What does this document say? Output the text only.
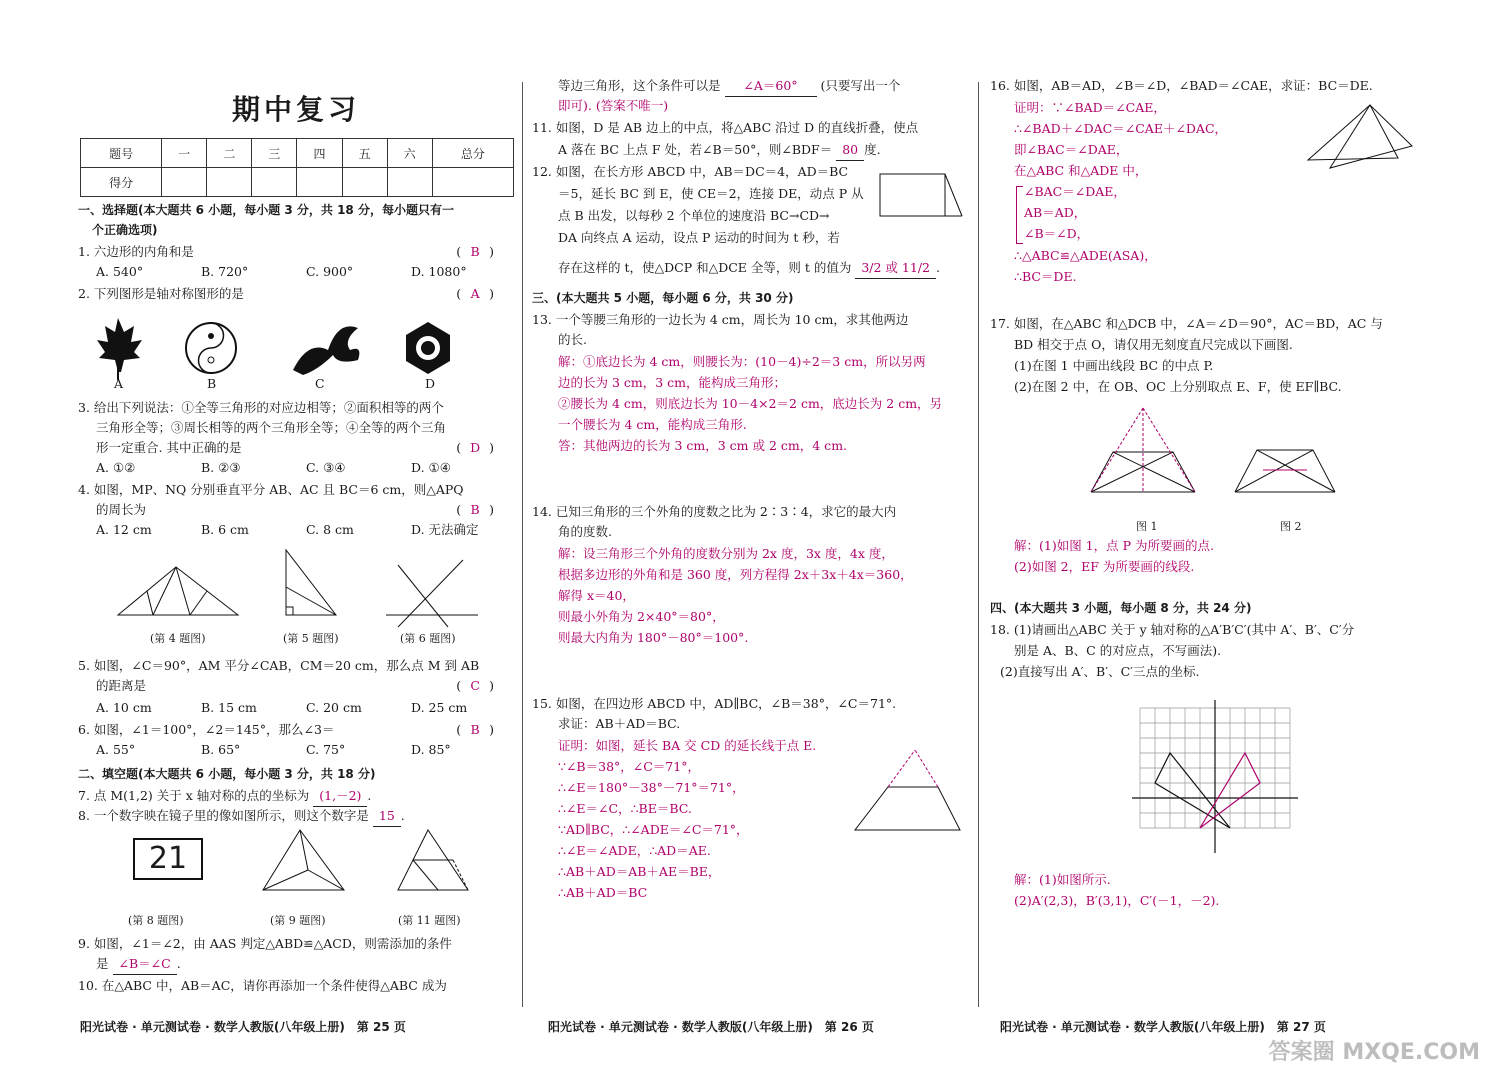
期中复习
题号	一	二	三	四	五	六	总分
得分							
一、选择题(本大题共 6 小题，每小题 3 分，共 18 分，每小题只有一
个正确选项)
1. 六边形的内角和是	( B )
A. 540°	B. 720°	C. 900°	D. 1080°
2. 下列图形是轴对称图形的是	( A )
A	B	C	D
3. 给出下列说法：①全等三角形的对应边相等；②面积相等的两个
三角形全等；③周长相等的两个三角形全等；④全等的两个三角
形一定重合. 其中正确的是	( D )
A. ①②	B. ②③	C. ③④	D. ①④
4. 如图，MP、NQ 分别垂直平分 AB、AC 且 BC＝6 cm，则△APQ
的周长为	( B )
A. 12 cm	B. 6 cm	C. 8 cm	D. 无法确定
(第 4 题图)	(第 5 题图)	(第 6 题图)
5. 如图，∠C＝90°，AM 平分∠CAB，CM＝20 cm，那么点 M 到 AB
的距离是	( C )
A. 10 cm	B. 15 cm	C. 20 cm	D. 25 cm
6. 如图，∠1＝100°，∠2＝145°，那么∠3＝	( B )
A. 55°	B. 65°	C. 75°	D. 85°
二、填空题(本大题共 6 小题，每小题 3 分，共 18 分)
7. 点 M(1,2) 关于 x 轴对称的点的坐标为 (1,－2) .
8. 一个数字映在镜子里的像如图所示，则这个数字是 15 .
21
(第 8 题图)	(第 9 题图)	(第 11 题图)
9. 如图，∠1＝∠2，由 AAS 判定△ABD≌△ACD，则需添加的条件
是 ∠B＝∠C .
10. 在△ABC 中，AB＝AC，请你再添加一个条件使得△ABC 成为
等边三角形，这个条件可以是 ∠A＝60° (只要写出一个
即可). (答案不唯一)
11. 如图，D 是 AB 边上的中点，将△ABC 沿过 D 的直线折叠，使点
A 落在 BC 上点 F 处，若∠B＝50°，则∠BDF＝ 80 度.
12. 如图，在长方形 ABCD 中，AB＝DC＝4，AD＝BC
＝5，延长 BC 到 E，使 CE＝2，连接 DE，动点 P 从
点 B 出发，以每秒 2 个单位的速度沿 BC→CD→
DA 向终点 A 运动，设点 P 运动的时间为 t 秒，若
存在这样的 t，使△DCP 和△DCE 全等，则 t 的值为 3/2 或 11/2 .
三、(本大题共 5 小题，每小题 6 分，共 30 分)
13. 一个等腰三角形的一边长为 4 cm，周长为 10 cm，求其他两边
的长.
解：①底边长为 4 cm，则腰长为：(10－4)÷2＝3 cm，所以另两
边的长为 3 cm，3 cm，能构成三角形；
②腰长为 4 cm，则底边长为 10－4×2＝2 cm，底边长为 2 cm，另
一个腰长为 4 cm，能构成三角形.
答：其他两边的长为 3 cm，3 cm 或 2 cm，4 cm.
14. 已知三角形的三个外角的度数之比为 2∶3∶4，求它的最大内
角的度数.
解：设三角形三个外角的度数分别为 2x 度，3x 度，4x 度，
根据多边形的外角和是 360 度，列方程得 2x＋3x＋4x＝360，
解得 x＝40，
则最小外角为 2×40°＝80°，
则最大内角为 180°－80°＝100°.
15. 如图，在四边形 ABCD 中，AD∥BC，∠B＝38°，∠C＝71°.
求证：AB＋AD＝BC.
证明：如图，延长 BA 交 CD 的延长线于点 E.
∵∠B＝38°，∠C＝71°，
∴∠E＝180°－38°－71°＝71°，
∴∠E＝∠C，∴BE＝BC.
∵AD∥BC，∴∠ADE＝∠C＝71°，
∴∠E＝∠ADE，∴AD＝AE.
∴AB＋AD＝AB＋AE＝BE，
∴AB＋AD＝BC
16. 如图，AB＝AD，∠B＝∠D，∠BAD＝∠CAE，求证：BC＝DE.
证明：∵∠BAD＝∠CAE，
∴∠BAD＋∠DAC＝∠CAE＋∠DAC，
即∠BAC＝∠DAE，
在△ABC 和△ADE 中，
∠BAC＝∠DAE，
AB＝AD，
∠B＝∠D，
∴△ABC≌△ADE(ASA)，
∴BC＝DE.
17. 如图，在△ABC 和△DCB 中，∠A＝∠D＝90°，AC＝BD，AC 与
BD 相交于点 O，请仅用无刻度直尺完成以下画图.
(1)在图 1 中画出线段 BC 的中点 P.
(2)在图 2 中，在 OB、OC 上分别取点 E、F，使 EF∥BC.
图 1	图 2
解：(1)如图 1，点 P 为所要画的点.
(2)如图 2，EF 为所要画的线段.
四、(本大题共 3 小题，每小题 8 分，共 24 分)
18. (1)请画出△ABC 关于 y 轴对称的△A′B′C′(其中 A′、B′、C′分
别是 A、B、C 的对应点，不写画法).
(2)直接写出 A′、B′、C′三点的坐标.
解：(1)如图所示.
(2)A′(2,3)，B′(3,1)，C′(－1，－2).
阳光试卷 · 单元测试卷 · 数学人教版(八年级上册)　第 25 页	阳光试卷 · 单元测试卷 · 数学人教版(八年级上册)　第 26 页	阳光试卷 · 单元测试卷 · 数学人教版(八年级上册)　第 27 页
答案圈 MXQE.COM
